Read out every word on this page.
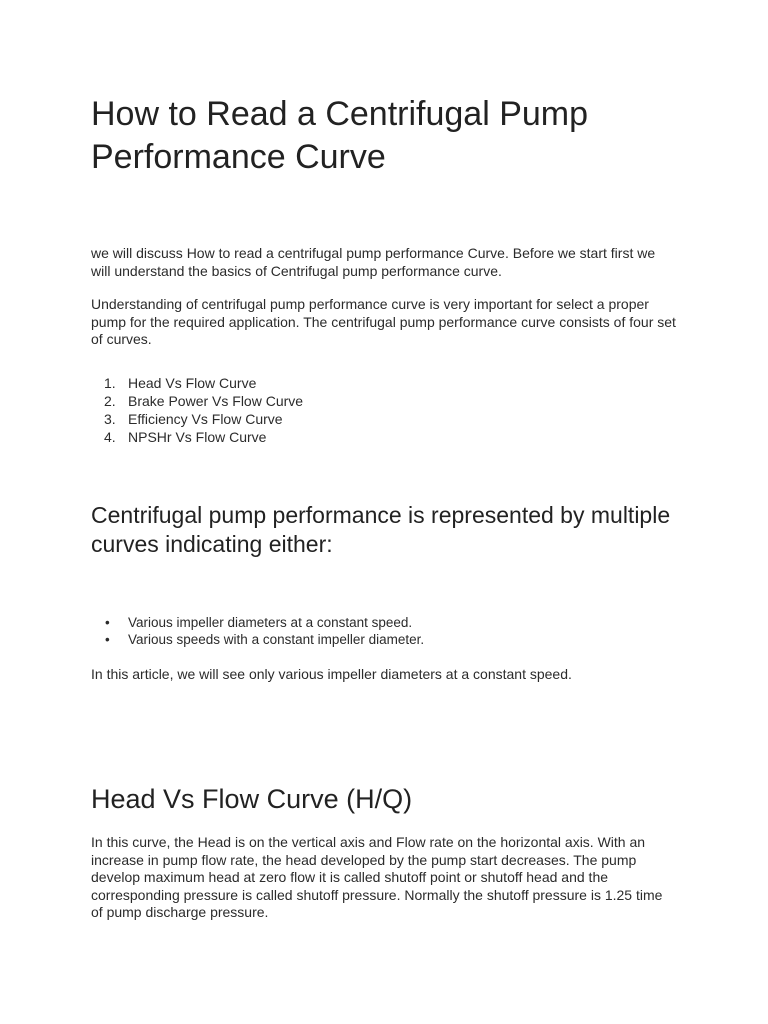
How to Read a Centrifugal Pump Performance Curve

we will discuss How to read a centrifugal pump performance Curve. Before we start first we will understand the basics of Centrifugal pump performance curve.

Understanding of centrifugal pump performance curve is very important for select a proper pump for the required application. The centrifugal pump performance curve consists of four set of curves.

1. Head Vs Flow Curve
2. Brake Power Vs Flow Curve
3. Efficiency Vs Flow Curve
4. NPSHr Vs Flow Curve
Centrifugal pump performance is represented by multiple curves indicating either:
• Various impeller diameters at a constant speed.
• Various speeds with a constant impeller diameter.

In this article, we will see only various impeller diameters at a constant speed.

Head Vs Flow Curve (H/Q)

In this curve, the Head is on the vertical axis and Flow rate on the horizontal axis. With an increase in pump flow rate, the head developed by the pump start decreases. The pump develop maximum head at zero flow it is called shutoff point or shutoff head and the corresponding pressure is called shutoff pressure. Normally the shutoff pressure is 1.25 time of pump discharge pressure.
